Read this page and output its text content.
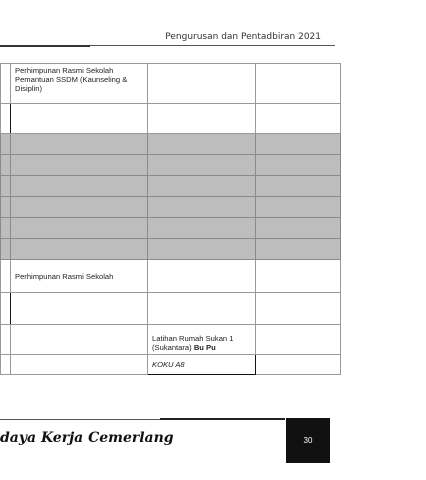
Pengurusan dan Pentadbiran 2021
	Perhimpunan Rasmi Sekolah
Pemantuan SSDM (Kaunseling & Disiplin)		

	Perhimpunan Rasmi Sekolah		

		Latihan Rumah Sukan 1 (Sukantara) Bu Pu	
		KOKU A8	
daya Kerja Cemerlang	30
